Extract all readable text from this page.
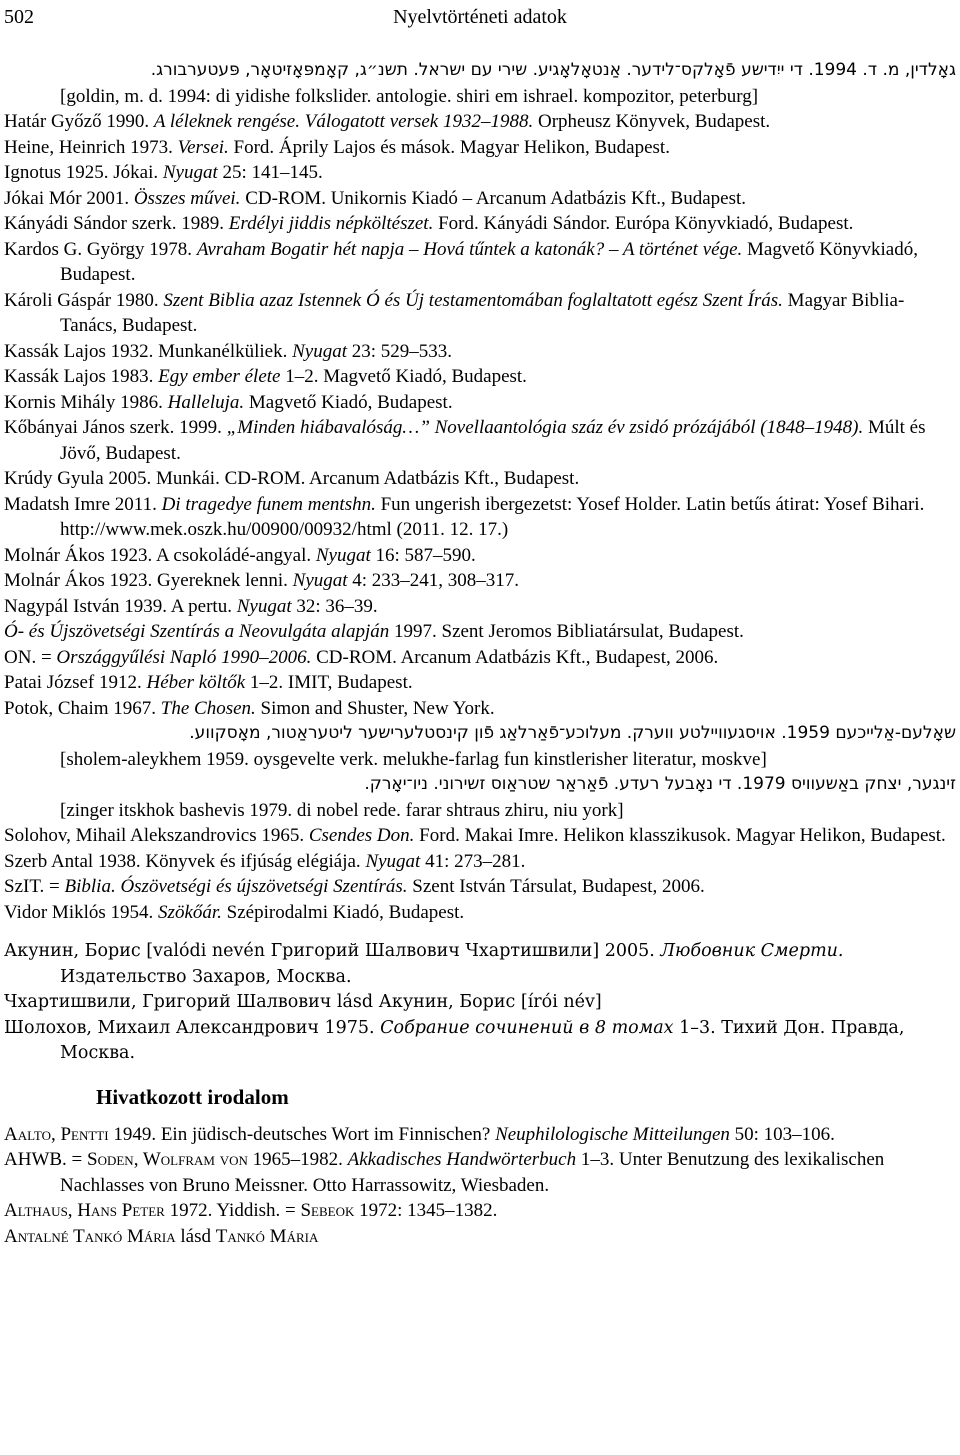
502	Nyelvtörténeti adatok

גאָלדין, מ. ד. 1994. די ייִדישע פֿאָלקס־לידער. אַנטאָלאָגיע. שירי עם ישראל. תשנ״ג, קאָמפּאָזיטאָר, פּעטערבורג.

[goldin, m. d. 1994: di yidishe folkslider. antologie. shiri em ishrael. kompozitor, peterburg]

Határ Győző 1990. A léleknek rengése. Válogatott versek 1932–1988. Orpheusz Könyvek, Budapest.

Heine, Heinrich 1973. Versei. Ford. Áprily Lajos és mások. Magyar Helikon, Budapest.

Ignotus 1925. Jókai. Nyugat 25: 141–145.

Jókai Mór 2001. Összes művei. CD-ROM. Unikornis Kiadó – Arcanum Adatbázis Kft., Budapest.

Kányádi Sándor szerk. 1989. Erdélyi jiddis népköltészet. Ford. Kányádi Sándor. Európa Könyvkiadó, Budapest.

Kardos G. György 1978. Avraham Bogatir hét napja – Hová tűntek a katonák? – A történet vége. Magvető Könyvkiadó, Budapest.

Károli Gáspár 1980. Szent Biblia azaz Istennek Ó és Új testamentomában foglaltatott egész Szent Írás. Magyar Biblia-Tanács, Budapest.

Kassák Lajos 1932. Munkanélküliek. Nyugat 23: 529–533.

Kassák Lajos 1983. Egy ember élete 1–2. Magvető Kiadó, Budapest.

Kornis Mihály 1986. Halleluja. Magvető Kiadó, Budapest.

Kőbányai János szerk. 1999. „Minden hiábavalóság…” Novellaantológia száz év zsidó prózájából (1848–1948). Múlt és Jövő, Budapest.

Krúdy Gyula 2005. Munkái. CD-ROM. Arcanum Adatbázis Kft., Budapest.

Madatsh Imre 2011. Di tragedye funem mentshn. Fun ungerish ibergezetst: Yosef Holder. Latin betűs átirat: Yosef Bihari. http://www.mek.oszk.hu/00900/00932/html (2011. 12. 17.)

Molnár Ákos 1923. A csokoládé-angyal. Nyugat 16: 587–590.

Molnár Ákos 1923. Gyereknek lenni. Nyugat 4: 233–241, 308–317.

Nagypál István 1939. A pertu. Nyugat 32: 36–39.

Ó- és Újszövetségi Szentírás a Neovulgáta alapján 1997. Szent Jeromos Bibliatársulat, Budapest.

ON. = Országgyűlési Napló 1990–2006. CD-ROM. Arcanum Adatbázis Kft., Budapest, 2006.

Patai József 1912. Héber költők 1–2. IMIT, Budapest.

Potok, Chaim 1967. The Chosen. Simon and Shuster, New York.

שאָלעם-אַלייכעם 1959. אויסגעוויילטע ווערק. מעלוכע־פֿאַרלאַג פֿון קינסטלערישער ליטעראַטור, מאָסקווע.

[sholem-aleykhem 1959. oysgevelte verk. melukhe-farlag fun kinstlerisher literatur, moskve]

זינגער, יצחק באַשעוויס 1979. די נאָבעל רעדע. פֿאַראַר שטראַוס זשירוני. ניו־יאָרק.

[zinger itskhok bashevis 1979. di nobel rede. farar shtraus zhiru, niu york]

Solohov, Mihail Alekszandrovics 1965. Csendes Don. Ford. Makai Imre. Helikon klasszikusok. Magyar Helikon, Budapest.

Szerb Antal 1938. Könyvek és ifjúság elégiája. Nyugat 41: 273–281.

SzIT. = Biblia. Ószövetségi és újszövetségi Szentírás. Szent István Társulat, Budapest, 2006.

Vidor Miklós 1954. Szökőár. Szépirodalmi Kiadó, Budapest.

Акунин, Борис [valódi nevén Григорий Шалвович Чхартишвили] 2005. Любовник Смерти. Издательство Захаров, Москва.

Чхартишвили, Григорий Шалвович lásd Акунин, Борис [írói név]

Шолохов, Михаил Александрович 1975. Собрание сочинений в 8 томах 1–3. Тихий Дон. Правда, Москва.

Hivatkozott irodalom

Aalto, Pentti 1949. Ein jüdisch-deutsches Wort im Finnischen? Neuphilologische Mitteilungen 50: 103–106.

AHWB. = Soden, Wolfram von 1965–1982. Akkadisches Handwörterbuch 1–3. Unter Benutzung des lexikalischen Nachlasses von Bruno Meissner. Otto Harrassowitz, Wiesbaden.

Althaus, Hans Peter 1972. Yiddish. = Sebeok 1972: 1345–1382.

Antalné Tankó Mária lásd Tankó Mária
